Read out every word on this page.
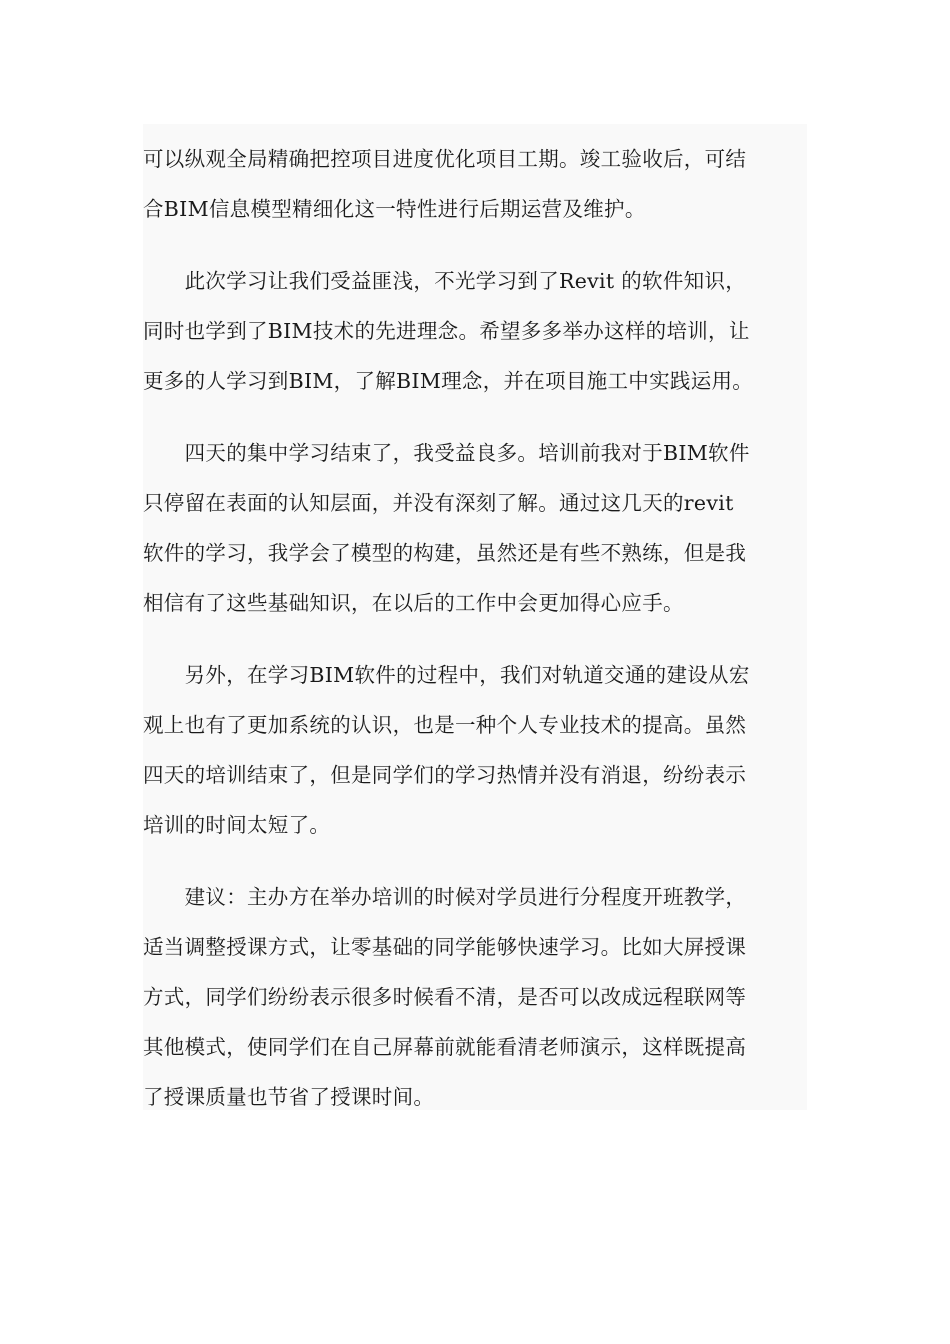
可以纵观全局精确把控项目进度优化项目工期。竣工验收后，可结
合BIM信息模型精细化这一特性进行后期运营及维护。

　　此次学习让我们受益匪浅，不光学习到了Revit 的软件知识，
同时也学到了BIM技术的先进理念。希望多多举办这样的培训，让
更多的人学习到BIM，了解BIM理念，并在项目施工中实践运用。

　　四天的集中学习结束了，我受益良多。培训前我对于BIM软件
只停留在表面的认知层面，并没有深刻了解。通过这几天的revit
软件的学习，我学会了模型的构建，虽然还是有些不熟练，但是我
相信有了这些基础知识，在以后的工作中会更加得心应手。

　　另外，在学习BIM软件的过程中，我们对轨道交通的建设从宏
观上也有了更加系统的认识，也是一种个人专业技术的提高。虽然
四天的培训结束了，但是同学们的学习热情并没有消退，纷纷表示
培训的时间太短了。

　　建议：主办方在举办培训的时候对学员进行分程度开班教学，
适当调整授课方式，让零基础的同学能够快速学习。比如大屏授课
方式，同学们纷纷表示很多时候看不清，是否可以改成远程联网等
其他模式，使同学们在自己屏幕前就能看清老师演示，这样既提高
了授课质量也节省了授课时间。
